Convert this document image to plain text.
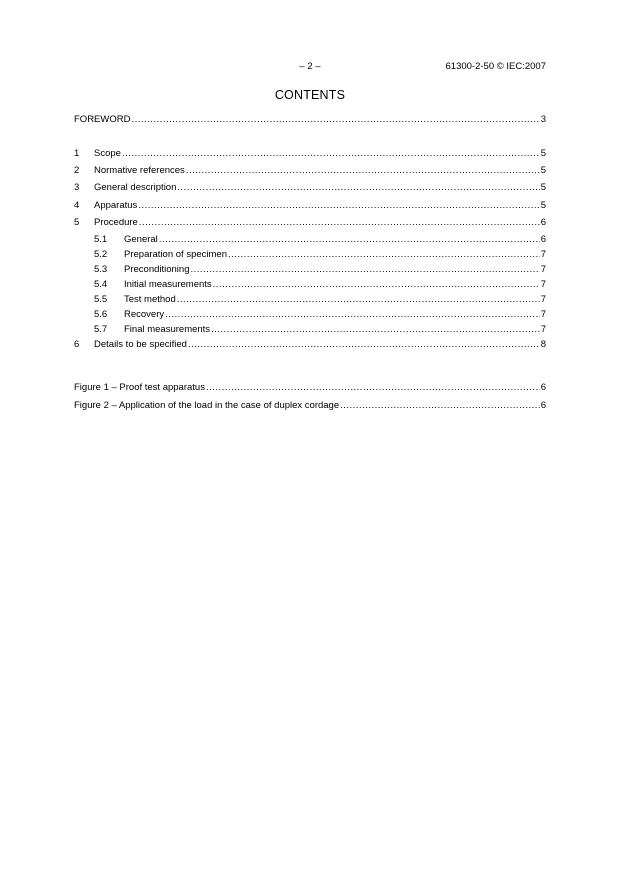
– 2 –	61300-2-50 © IEC:2007
CONTENTS
FOREWORD .....	3
1	Scope .....	5
2	Normative references .....	5
3	General description .....	5
4	Apparatus .....	5
5	Procedure .....	6
5.1	General .....	6
5.2	Preparation of specimen .....	7
5.3	Preconditioning .....	7
5.4	Initial measurements .....	7
5.5	Test method .....	7
5.6	Recovery .....	7
5.7	Final measurements .....	7
6	Details to be specified .....	8
Figure 1 – Proof test apparatus .....	6
Figure 2 – Application of the load in the case of duplex cordage .....	6
